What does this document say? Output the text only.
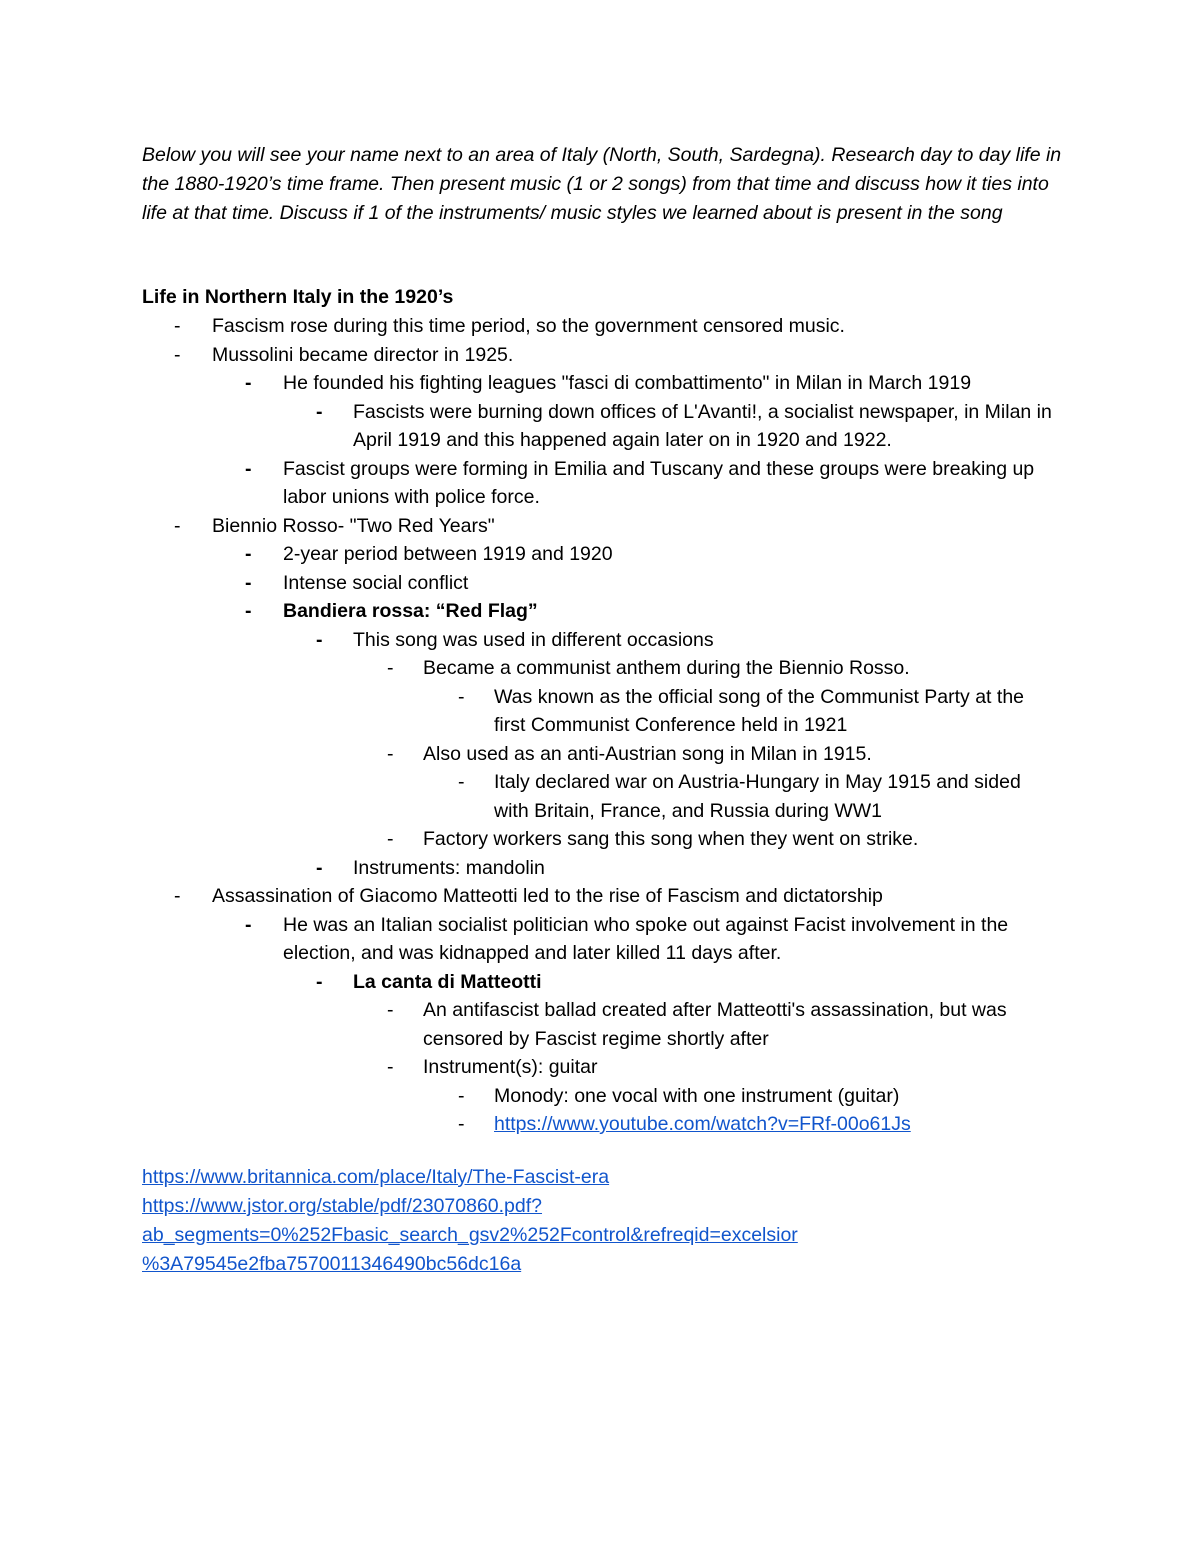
Below you will see your name next to an area of Italy (North, South, Sardegna). Research day to day life in the 1880-1920’s time frame. Then present music (1 or 2 songs) from that time and discuss how it ties into life at that time. Discuss if 1 of the instruments/ music styles we learned about is present in the song

Life in Northern Italy in the 1920’s

- Fascism rose during this time period, so the government censored music.
- Mussolini became director in 1925.
- He founded his fighting leagues "fasci di combattimento" in Milan in March 1919
- Fascists were burning down offices of L'Avanti!, a socialist newspaper, in Milan in April 1919 and this happened again later on in 1920 and 1922.
- Fascist groups were forming in Emilia and Tuscany and these groups were breaking up labor unions with police force.
- Biennio Rosso- "Two Red Years"
- 2-year period between 1919 and 1920
- Intense social conflict
- Bandiera rossa: “Red Flag”
- This song was used in different occasions
- Became a communist anthem during the Biennio Rosso.
- Was known as the official song of the Communist Party at the first Communist Conference held in 1921
- Also used as an anti-Austrian song in Milan in 1915.
- Italy declared war on Austria-Hungary in May 1915 and sided with Britain, France, and Russia during WW1
- Factory workers sang this song when they went on strike.
- Instruments: mandolin
- Assassination of Giacomo Matteotti led to the rise of Fascism and dictatorship
- He was an Italian socialist politician who spoke out against Facist involvement in the election, and was kidnapped and later killed 11 days after.
- La canta di Matteotti
- An antifascist ballad created after Matteotti's assassination, but was censored by Fascist regime shortly after
- Instrument(s): guitar
- Monody: one vocal with one instrument (guitar)
- https://www.youtube.com/watch?v=FRf-00o61Js
https://www.britannica.com/place/Italy/The-Fascist-era
https://www.jstor.org/stable/pdf/23070860.pdf?
ab_segments=0%252Fbasic_search_gsv2%252Fcontrol&refreqid=excelsior
%3A79545e2fba7570011346490bc56dc16a
